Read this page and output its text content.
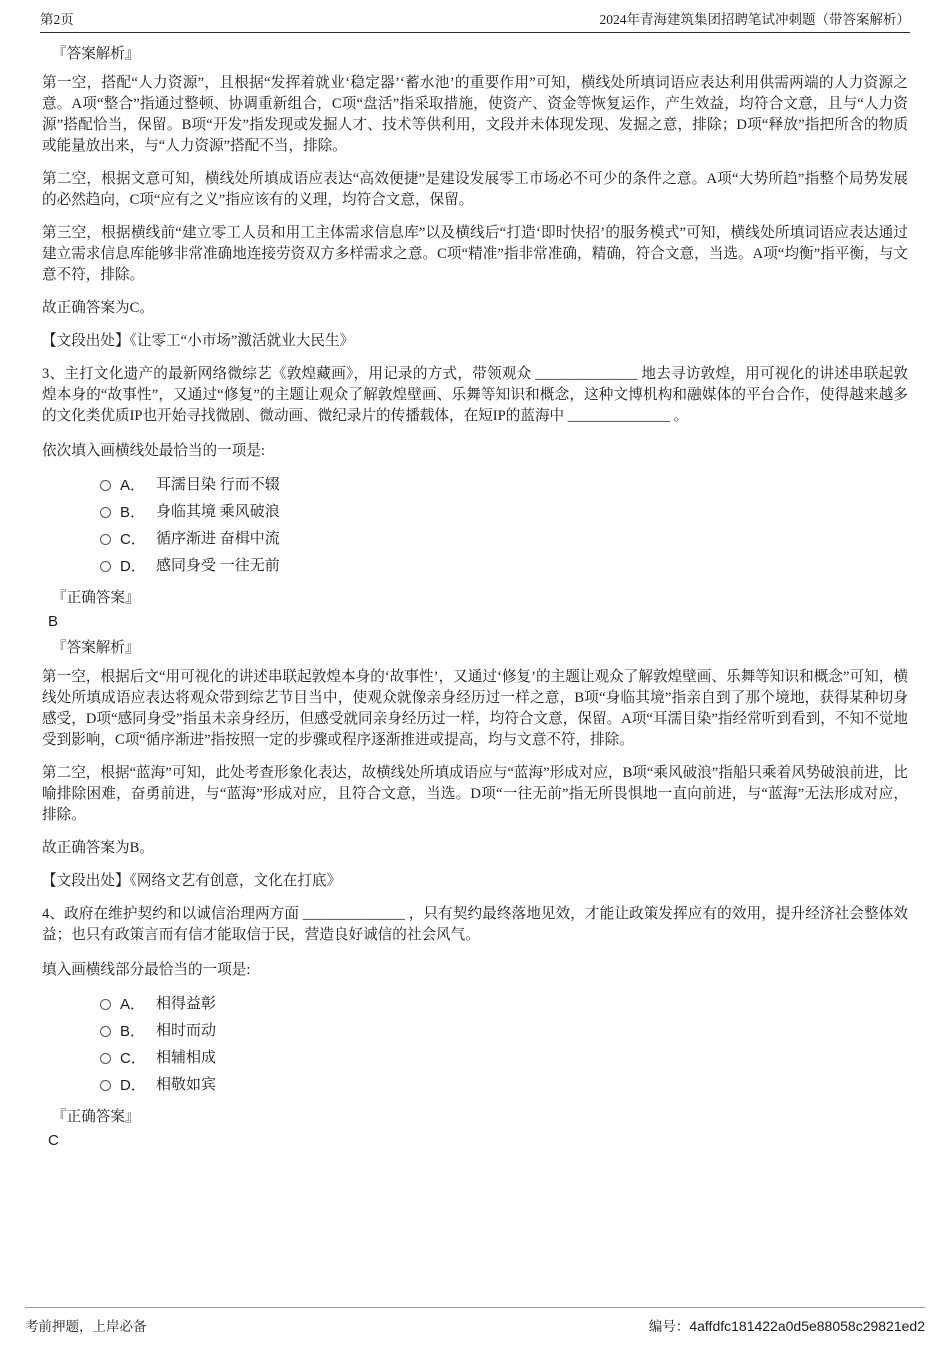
第2页	2024年青海建筑集团招聘笔试冲刺题（带答案解析）

『答案解析』

第一空，搭配“人力资源”，且根据“发挥着就业‘稳定器’‘蓄水池’的重要作用”可知，横线处所填词语应表达利用供需两端的人力资源之意。A项“整合”指通过整顿、协调重新组合，C项“盘活”指采取措施，使资产、资金等恢复运作，产生效益，均符合文意，且与“人力资源”搭配恰当，保留。B项“开发”指发现或发掘人才、技术等供利用，文段并未体现发现、发掘之意，排除；D项“释放”指把所含的物质或能量放出来，与“人力资源”搭配不当，排除。

第二空，根据文意可知，横线处所填成语应表达“高效便捷”是建设发展零工市场必不可少的条件之意。A项“大势所趋”指整个局势发展的必然趋向，C项“应有之义”指应该有的义理，均符合文意，保留。

第三空，根据横线前“建立零工人员和用工主体需求信息库”以及横线后“打造‘即时快招’的服务模式”可知，横线处所填词语应表达通过建立需求信息库能够非常准确地连接劳资双方多样需求之意。C项“精准”指非常准确，精确，符合文意，当选。A项“均衡”指平衡，与文意不符，排除。

故正确答案为C。

【文段出处】《让零工“小市场”激活就业大民生》

3、主打文化遗产的最新网络微综艺《敦煌藏画》，用记录的方式，带领观众 ______________ 地去寻访敦煌，用可视化的讲述串联起敦煌本身的“故事性”，又通过“修复”的主题让观众了解敦煌壁画、乐舞等知识和概念，这种文博机构和融媒体的平台合作，使得越来越多的文化类优质IP也开始寻找微剧、微动画、微纪录片的传播载体，在短IP的蓝海中 ______________ 。

依次填入画横线处最恰当的一项是:

A． 耳濡目染 行而不辍
B． 身临其境 乘风破浪
C． 循序渐进 奋楫中流
D． 感同身受 一往无前

『正确答案』

B

『答案解析』

第一空，根据后文“用可视化的讲述串联起敦煌本身的‘故事性’，又通过‘修复’的主题让观众了解敦煌壁画、乐舞等知识和概念”可知，横线处所填成语应表达将观众带到综艺节目当中，使观众就像亲身经历过一样之意，B项“身临其境”指亲自到了那个境地，获得某种切身感受，D项“感同身受”指虽未亲身经历，但感受就同亲身经历过一样，均符合文意，保留。A项“耳濡目染”指经常听到看到，不知不觉地受到影响，C项“循序渐进”指按照一定的步骤或程序逐渐推进或提高，均与文意不符，排除。

第二空，根据“蓝海”可知，此处考查形象化表达，故横线处所填成语应与“蓝海”形成对应，B项“乘风破浪”指船只乘着风势破浪前进，比喻排除困难，奋勇前进，与“蓝海”形成对应，且符合文意，当选。D项“一往无前”指无所畏惧地一直向前进，与“蓝海”无法形成对应，排除。

故正确答案为B。

【文段出处】《网络文艺有创意，文化在打底》

4、政府在维护契约和以诚信治理两方面 ______________ ，只有契约最终落地见效，才能让政策发挥应有的效用，提升经济社会整体效益；也只有政策言而有信才能取信于民，营造良好诚信的社会风气。

填入画横线部分最恰当的一项是:

A． 相得益彰
B． 相时而动
C． 相辅相成
D． 相敬如宾

『正确答案』

C

考前押题，上岸必备	编号：4affdfc181422a0d5e88058c29821ed2
